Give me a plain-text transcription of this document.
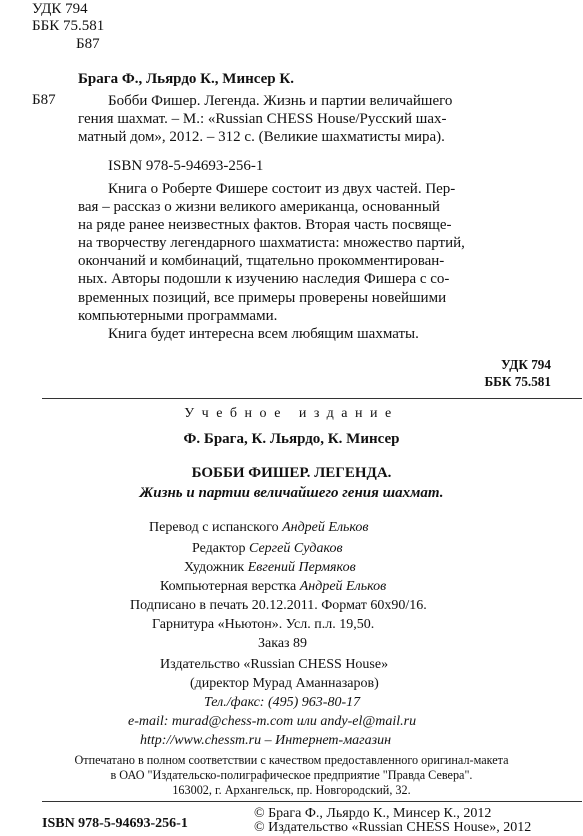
УДК 794
ББК 75.581
Б87
Брага Ф., Льярдо К., Минсер К.
Б87	Бобби Фишер. Легенда. Жизнь и партии величайшего
гения шахмат. – М.: «Russian CHESS House/Русский шах-
матный дом», 2012. – 312 с. (Великие шахматисты мира).
ISBN 978-5-94693-256-1
Книга о Роберте Фишере состоит из двух частей. Пер-
вая – рассказ о жизни великого американца, основанный
на ряде ранее неизвестных фактов. Вторая часть посвяще-
на творчеству легендарного шахматиста: множество партий,
окончаний и комбинаций, тщательно прокомментирован-
ных. Авторы подошли к изучению наследия Фишера с со-
временных позиций, все примеры проверены новейшими
компьютерными программами.
Книга будет интересна всем любящим шахматы.
УДК 794
ББК 75.581
Учебное издание
Ф. Брага, К. Льярдо, К. Минсер
БОББИ ФИШЕР. ЛЕГЕНДА.
Жизнь и партии величайшего гения шахмат.
Перевод с испанского Андрей Ельков
Редактор Сергей Судаков
Художник Евгений Пермяков
Компьютерная верстка Андрей Ельков
Подписано в печать 20.12.2011. Формат 60х90/16.
Гарнитура «Ньютон». Усл. п.л. 19,50.
Заказ 89
Издательство «Russian CHESS House»
(директор Мурад Аманназаров)
Тел./факс: (495) 963-80-17
e-mail: murad@chess-m.com или andy-el@mail.ru
http://www.chessm.ru – Интернет-магазин
Отпечатано в полном соответствии с качеством предоставленного оригинал-макета
в ОАО "Издательско-полиграфическое предприятие "Правда Севера".
163002, г. Архангельск, пр. Новгородский, 32.
ISBN 978-5-94693-256-1
© Брага Ф., Льярдо К., Минсер К., 2012
© Издательство «Russian CHESS House», 2012
